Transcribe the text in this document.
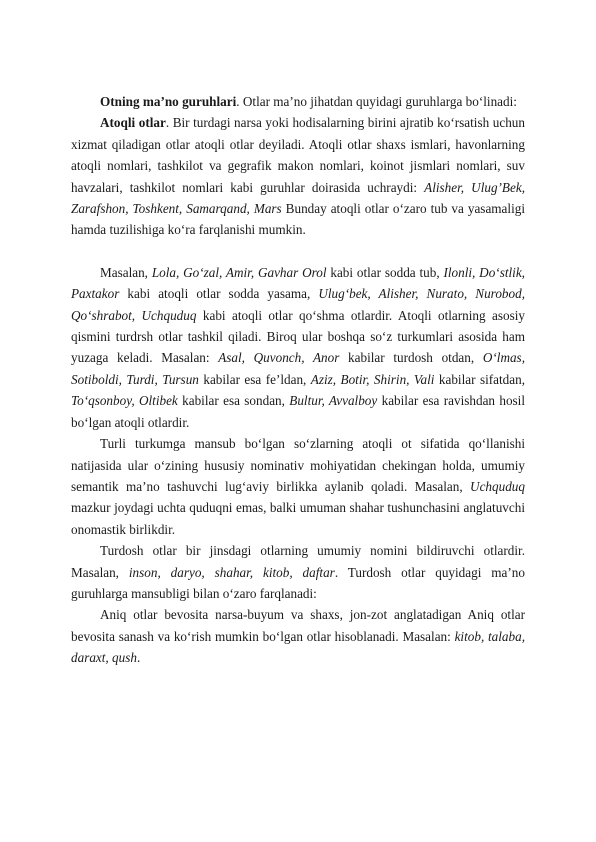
Otning ma’no guruhlari. Otlar ma’no jihatdan quyidagi guruhlarga bo‘linadi:

Atoqli otlar. Bir turdagi narsa yoki hodisalarning birini ajratib ko‘rsatish uchun xizmat qiladigan otlar atoqli otlar deyiladi. Atoqli otlar shaxs ismlari, havonlarning atoqli nomlari, tashkilot va gegrafik makon nomlari, koinot jismlari nomlari, suv havzalari, tashkilot nomlari kabi guruhlar doirasida uchraydi: Alisher, Ulug’Bek, Zarafshon, Toshkent, Samarqand, Mars Bunday atoqli otlar o‘zaro tub va yasamaligi hamda tuzilishiga ko‘ra farqlanishi mumkin.

Masalan, Lola, Go‘zal, Amir, Gavhar Orol kabi otlar sodda tub, Ilonli, Do‘stlik, Paxtakor kabi atoqli otlar sodda yasama, Ulug‘bek, Alisher, Nurato, Nurobod, Qo‘shrabot, Uchquduq kabi atoqli otlar qo‘shma otlardir. Atoqli otlarning asosiy qismini turdrsh otlar tashkil qiladi. Biroq ular boshqa so‘z turkumlari asosida ham yuzaga keladi. Masalan: Asal, Quvonch, Anor kabilar turdosh otdan, O‘lmas, Sotiboldi, Turdi, Tursun kabilar esa fe’ldan, Aziz, Botir, Shirin, Vali kabilar sifatdan, To‘qsonboy, Oltibek kabilar esa sondan, Bultur, Avvalboy kabilar esa ravishdan hosil bo‘lgan atoqli otlardir.

Turli turkumga mansub bo‘lgan so‘zlarning atoqli ot sifatida qo‘llanishi natijasida ular o‘zining hususiy nominativ mohiyatidan chekingan holda, umumiy semantik ma’no tashuvchi lug‘aviy birlikka aylanib qoladi. Masalan, Uchquduq mazkur joydagi uchta quduqni emas, balki umuman shahar tushunchasini anglatuvchi onomastik birlikdir.

Turdosh otlar bir jinsdagi otlarning umumiy nomini bildiruvchi otlardir. Masalan, inson, daryo, shahar, kitob, daftar. Turdosh otlar quyidagi ma’no guruhlarga mansubligi bilan o‘zaro farqlanadi:

Aniq otlar bevosita narsa-buyum va shaxs, jon-zot anglatadigan Aniq otlar bevosita sanash va ko‘rish mumkin bo‘lgan otlar hisoblanadi. Masalan: kitob, talaba, daraxt, qush.
